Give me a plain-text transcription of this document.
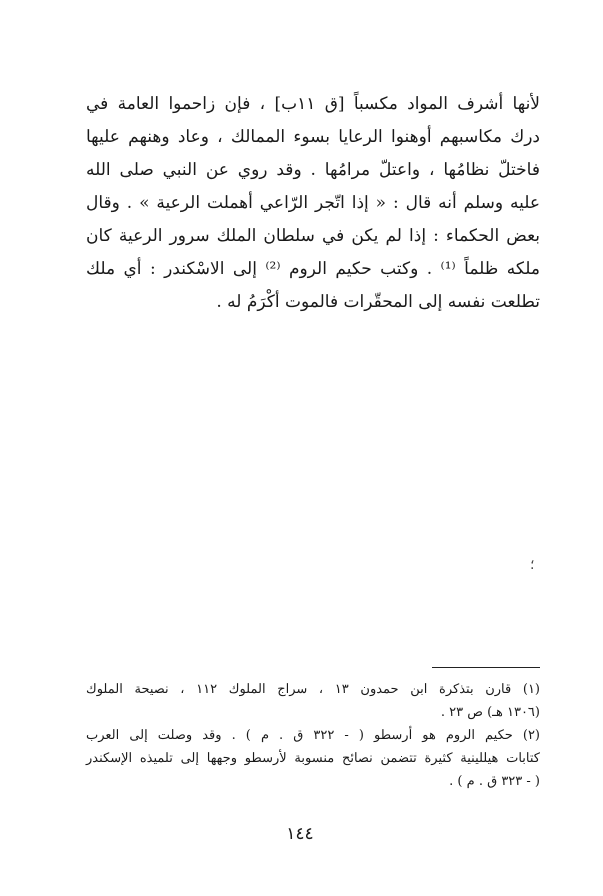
لأنها أشرف المواد مكسباً [ق ١١ب] ، فإن زاحموا العامة في
درك مكاسبهم أوهنوا الرعايا بسوء الممالك ، وعاد وهنهم عليها
فاختلّ نظامُها ، واعتلّ مرامُها . وقد روي عن النبي صلى الله
عليه وسلم أنه قال : « إذا اتّجر الرّاعي أهملت الرعية » . وقال
بعض الحكماء : إذا لم يكن في سلطان الملك سرور الرعية كان
ملكه ظلماً ⁽¹⁾ . وكتب حكيم الروم ⁽²⁾ إلى الاسْكندر : أي ملك
تطلعت نفسه إلى المحقّرات فالموت أكْرَمُ له .
؛
(١) قارن بتذكرة ابن حمدون ١٣ ، سراج الملوك ١١٢ ، نصيحة الملوك
(١٣٠٦ هـ) ص ٢٣ .
(٢) حكيم الروم هو أرسطو ( - ٣٢٢ ق . م ) . وقد وصلت إلى العرب
كتابات هيللينية كثيرة تتضمن نصائح منسوبة لأرسطو وجهها إلى تلميذه الإسكندر
( - ٣٢٣ ق . م ) .
١٤٤
